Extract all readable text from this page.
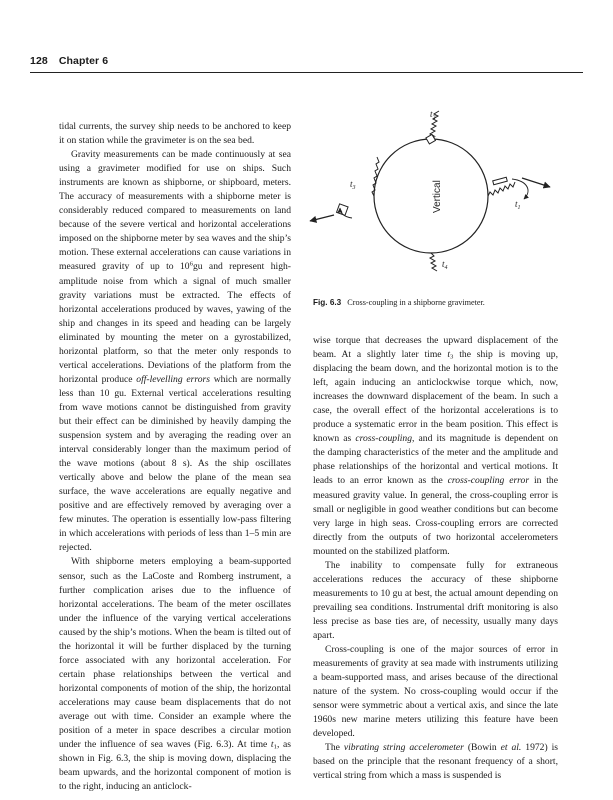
128 Chapter 6

tidal currents, the survey ship needs to be anchored to keep it on station while the gravimeter is on the sea bed.

Gravity measurements can be made continuously at sea using a gravimeter modified for use on ships. Such instruments are known as shipborne, or shipboard, meters. The accuracy of measurements with a shipborne meter is considerably reduced compared to measurements on land because of the severe vertical and horizontal accelerations imposed on the shipborne meter by sea waves and the ship’s motion. These external accelerations can cause variations in measured gravity of up to $10^6gu$ and represent high-amplitude noise from which a signal of much smaller gravity variations must be extracted. The effects of horizontal accelerations produced by waves, yawing of the ship and changes in its speed and heading can be largely eliminated by mounting the meter on a gyrostabilized, horizontal platform, so that the meter only responds to vertical accelerations. Deviations of the platform from the horizontal produce off-levelling errors which are normally less than 10 gu. External vertical accelerations resulting from wave motions cannot be distinguished from gravity but their effect can be diminished by heavily damping the suspension system and by averaging the reading over an interval considerably longer than the maximum period of the wave motions (about 8 s). As the ship oscillates vertically above and below the plane of the mean sea surface, the wave accelerations are equally negative and positive and are effectively removed by averaging over a few minutes. The operation is essentially low-pass filtering in which accelerations with periods of less than 1–5 min are rejected.

With shipborne meters employing a beam-supported sensor, such as the LaCoste and Romberg instrument, a further complication arises due to the influence of horizontal accelerations. The beam of the meter oscillates under the influence of the varying vertical accelerations caused by the ship’s motions. When the beam is tilted out of the horizontal it will be further displaced by the turning force associated with any horizontal acceleration. For certain phase relationships between the vertical and horizontal components of motion of the ship, the horizontal accelerations may cause beam displacements that do not average out with time. Consider an example where the position of a meter in space describes a circular motion under the influence of sea waves (Fig. 6.3). At time $t_1$, as shown in Fig. 6.3, the ship is moving down, displacing the beam upwards, and the horizontal component of motion is to the right, inducing an anticlock-

Vertical
$t_2$
$t_1$
$t_3$
$t_4$
Fig. 6.3 Cross-coupling in a shipborne gravimeter.

wise torque that decreases the upward displacement of the beam. At a slightly later time $t_3$ the ship is moving up, displacing the beam down, and the horizontal motion is to the left, again inducing an anticlockwise torque which, now, increases the downward displacement of the beam. In such a case, the overall effect of the horizontal accelerations is to produce a systematic error in the beam position. This effect is known as cross-coupling, and its magnitude is dependent on the damping characteristics of the meter and the amplitude and phase relationships of the horizontal and vertical motions. It leads to an error known as the cross-coupling error in the measured gravity value. In general, the cross-coupling error is small or negligible in good weather conditions but can become very large in high seas. Cross-coupling errors are corrected directly from the outputs of two horizontal accelerometers mounted on the stabilized platform.

The inability to compensate fully for extraneous accelerations reduces the accuracy of these shipborne measurements to 10 gu at best, the actual amount depending on prevailing sea conditions. Instrumental drift monitoring is also less precise as base ties are, of necessity, usually many days apart.

Cross-coupling is one of the major sources of error in measurements of gravity at sea made with instruments utilizing a beam-supported mass, and arises because of the directional nature of the system. No cross-coupling would occur if the sensor were symmetric about a vertical axis, and since the late 1960s new marine meters utilizing this feature have been developed.

The vibrating string accelerometer (Bowin et al. 1972) is based on the principle that the resonant frequency of a short, vertical string from which a mass is suspended is
